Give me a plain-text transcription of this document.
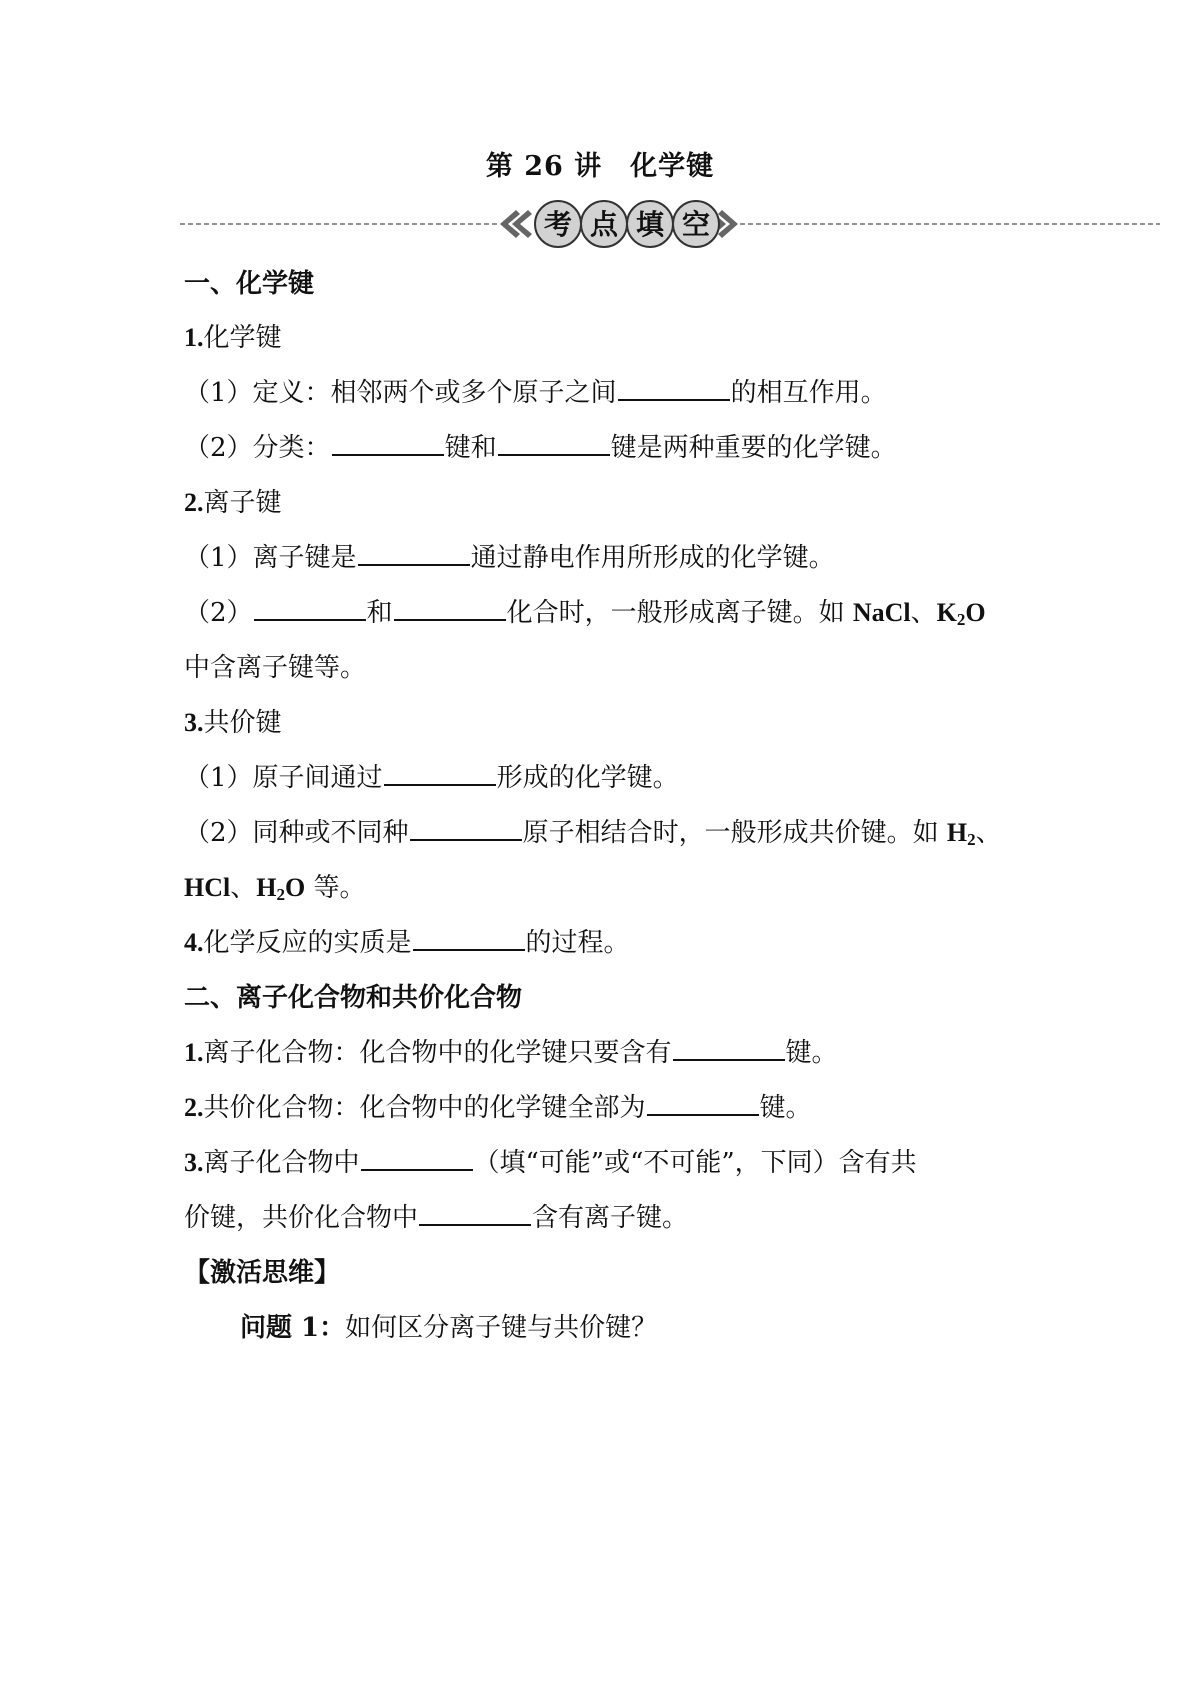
第 26 讲　化学键
考 点 填 空
一、化学键
1.化学键
（1）定义：相邻两个或多个原子之间	的相互作用。
（2）分类：	键和	键是两种重要的化学键。
2.离子键
（1）离子键是	通过静电作用所形成的化学键。
（2）	和	化合时，一般形成离子键。如 NaCl、$K_2O$
中含离子键等。
3.共价键
（1）原子间通过	形成的化学键。
（2）同种或不同种	原子相结合时，一般形成共价键。如 $H_2$、
HCl、$H_2O$ 等。
4.化学反应的实质是	的过程。
二、离子化合物和共价化合物
1.离子化合物：化合物中的化学键只要含有	键。
2.共价化合物：化合物中的化学键全部为	键。
3.离子化合物中	（填“可能”或“不可能”，下同）含有共
价键，共价化合物中	含有离子键。
【激活思维】
问题 1：如何区分离子键与共价键？
